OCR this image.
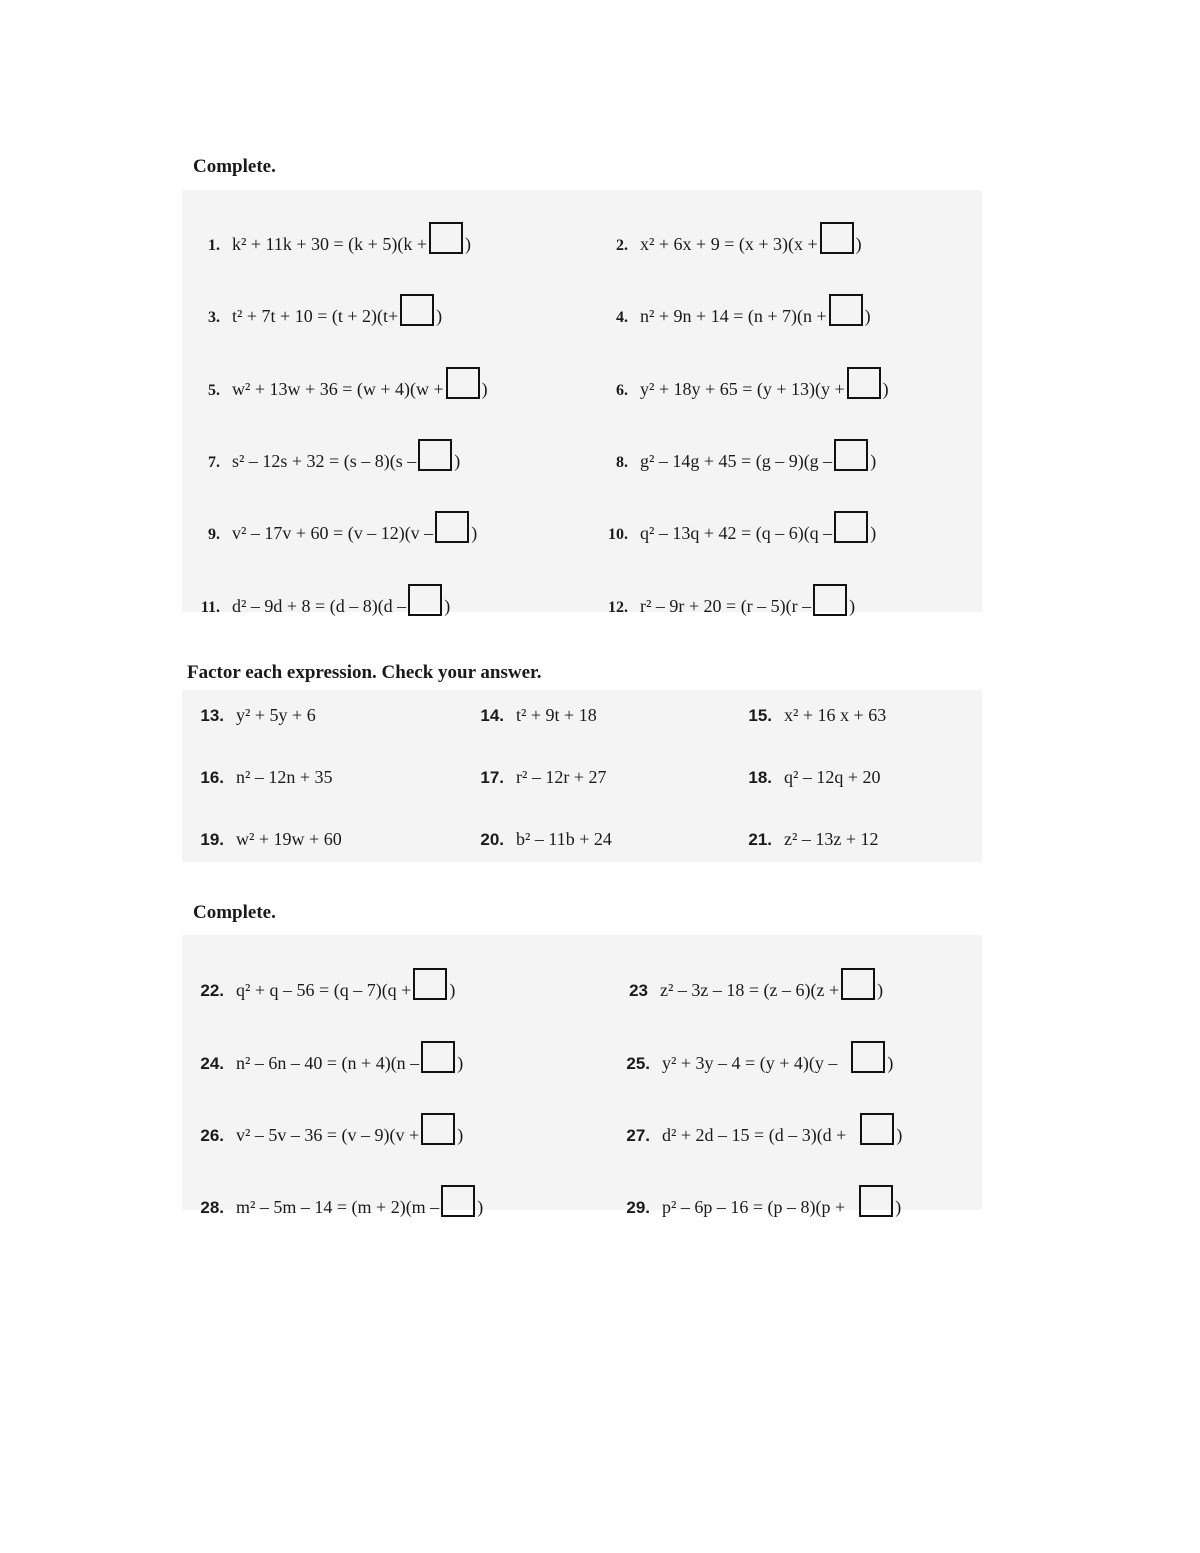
Complete.
1. k² + 11k + 30 = (k + 5)(k + )	2. x² + 6x + 9 = (x + 3)(x + )
3. t² + 7t + 10 = (t + 2)(t+ )	4. n² + 9n + 14 = (n + 7)(n + )
5. w² + 13w + 36 = (w + 4)(w + )	6. y² + 18y + 65 = (y + 13)(y + )
7. s² – 12s + 32 = (s – 8)(s – )	8. g² – 14g + 45 = (g – 9)(g – )
9. v² – 17v + 60 = (v – 12)(v – )	10. q² – 13q + 42 = (q – 6)(q – )
11. d² – 9d + 8 = (d – 8)(d – )	12. r² – 9r + 20 = (r – 5)(r – )
Factor each expression. Check your answer.
13. y² + 5y + 6	14. t² + 9t + 18	15. x² + 16 x + 63
16. n² – 12n + 35	17. r² – 12r + 27	18. q² – 12q + 20
19. w² + 19w + 60	20. b² – 11b + 24	21. z² – 13z + 12
Complete.
22. q² + q – 56 = (q – 7)(q + )	23 z² – 3z – 18 = (z – 6)(z + )
24. n² – 6n – 40 = (n + 4)(n – )	25. y² + 3y – 4 = (y + 4)(y –	)
26. v² – 5v – 36 = (v – 9)(v + )	27. d² + 2d – 15 = (d – 3)(d +	)
28. m² – 5m – 14 = (m + 2)(m – )	29. p² – 6p – 16 = (p – 8)(p +	)
